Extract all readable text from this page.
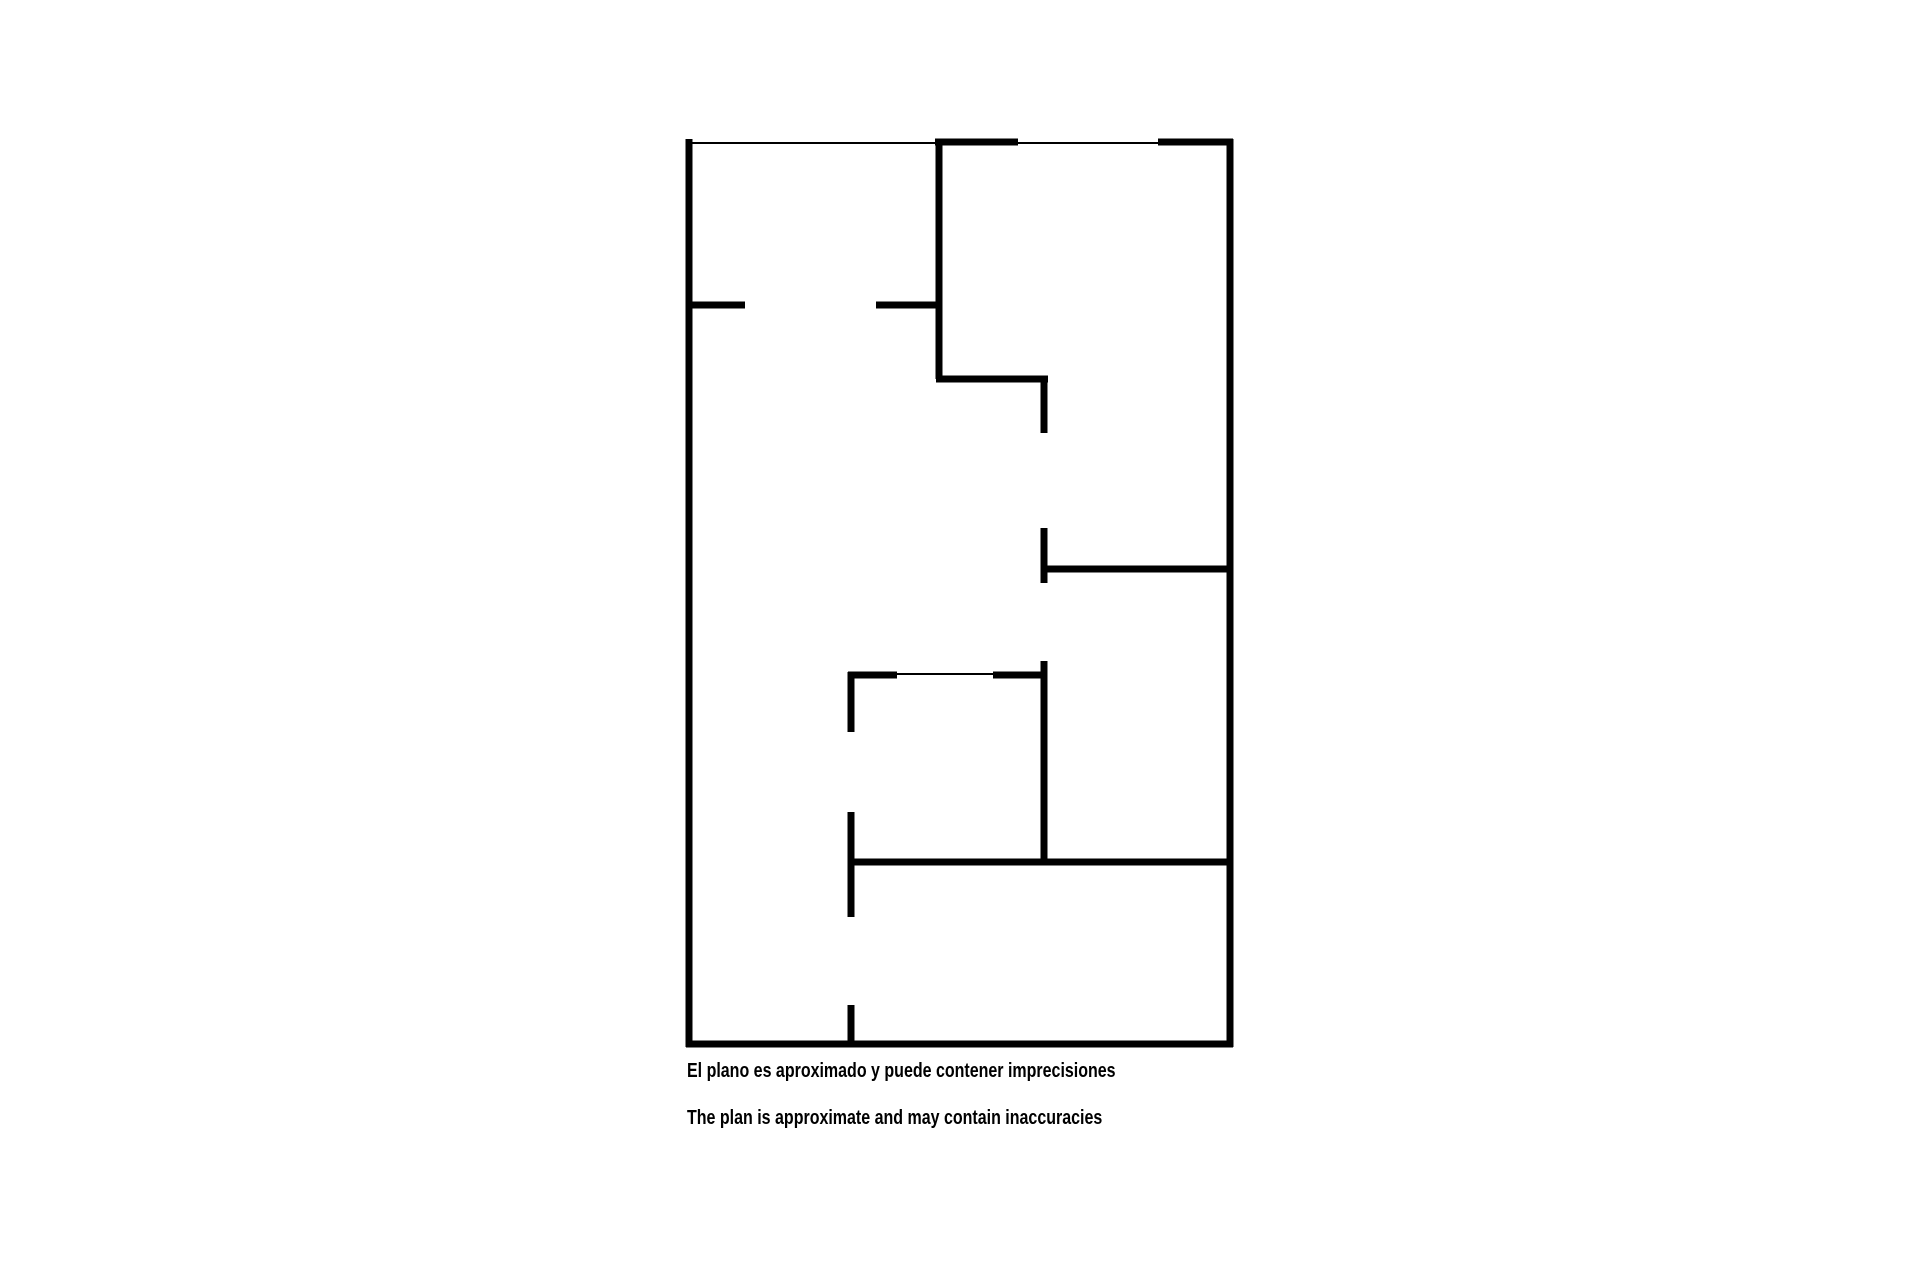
El plano es aproximado y puede contener imprecisiones
The plan is approximate and may contain inaccuracies
